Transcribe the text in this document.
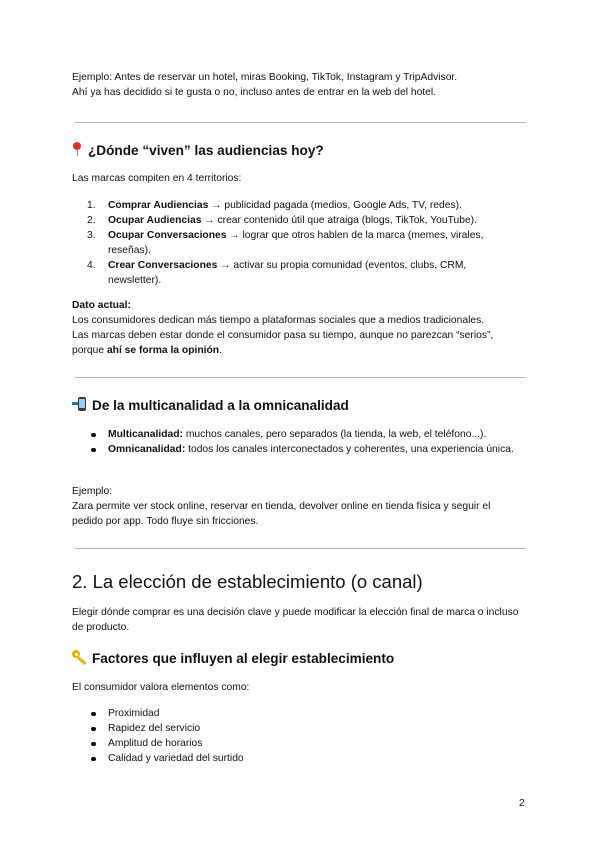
Ejemplo: Antes de reservar un hotel, miras Booking, TikTok, Instagram y TripAdvisor.

Ahí ya has decidido si te gusta o no, incluso antes de entrar en la web del hotel.

¿Dónde “viven” las audiencias hoy?

Las marcas compiten en 4 territorios:

1.	Comprar Audiencias → publicidad pagada (medios, Google Ads, TV, redes).
2.	Ocupar Audiencias → crear contenido útil que atraiga (blogs, TikTok, YouTube).
3.	Ocupar Conversaciones → lograr que otros hablen de la marca (memes, virales, reseñas).
4.	Crear Conversaciones → activar su propia comunidad (eventos, clubs, CRM, newsletter).

Dato actual:

Los consumidores dedican más tiempo a plataformas sociales que a medios tradicionales.

Las marcas deben estar donde el consumidor pasa su tiempo, aunque no parezcan “serios”,

porque ahí se forma la opinión.

De la multicanalidad a la omnicanalidad
Multicanalidad: muchos canales, pero separados (la tienda, la web, el teléfono...).
Omnicanalidad: todos los canales interconectados y coherentes, una experiencia única.

Ejemplo:

Zara permite ver stock online, reservar en tienda, devolver online en tienda física y seguir el pedido por app. Todo fluye sin fricciones.

2. La elección de establecimiento (o canal)

Elegir dónde comprar es una decisión clave y puede modificar la elección final de marca o incluso de producto.

Factores que influyen al elegir establecimiento

El consumidor valora elementos como:

Proximidad
Rapidez del servicio
Amplitud de horarios
Calidad y variedad del surtido
2
